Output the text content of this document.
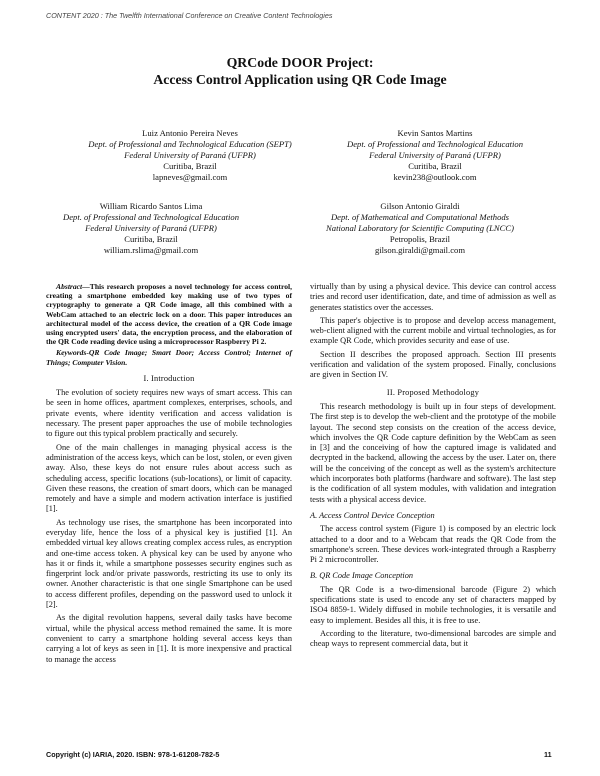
CONTENT 2020 : The Twelfth International Conference on Creative Content Technologies
QRCode DOOR Project:
Access Control Application using QR Code Image
Luiz Antonio Pereira Neves
Dept. of Professional and Technological Education (SEPT)
Federal University of Paraná (UFPR)
Curitiba, Brazil
lapneves@gmail.com
Kevin Santos Martins
Dept. of Professional and Technological Education
Federal University of Paraná (UFPR)
Curitiba, Brazil
kevin238@outlook.com
William Ricardo Santos Lima
Dept. of Professional and Technological Education
Federal University of Paraná (UFPR)
Curitiba, Brazil
william.rslima@gmail.com
Gilson Antonio Giraldi
Dept. of Mathematical and Computational Methods
National Laboratory for Scientific Computing (LNCC)
Petropolis, Brazil
gilson.giraldi@gmail.com

Abstract—This research proposes a novel technology for access control, creating a smartphone embedded key making use of two types of cryptography to generate a QR Code image, all this combined with a WebCam attached to an electric lock on a door. This paper introduces an architectural model of the access device, the creation of a QR Code image using encrypted users' data, the encryption process, and the elaboration of the QR Code reading device using a microprocessor Raspberry Pi 2.

Keywords-QR Code Image; Smart Door; Access Control; Internet of Things; Computer Vision.

I. Introduction

The evolution of society requires new ways of smart access. This can be seen in home offices, apartment complexes, enterprises, schools, and private events, where identity verification and access validation is necessary. The present paper approaches the use of mobile technologies to figure out this typical problem practically and securely.

One of the main challenges in managing physical access is the administration of the access keys, which can be lost, stolen, or even given away. Also, these keys do not ensure rules about access such as scheduling access, specific locations (sub-locations), or limit of capacity. Given these reasons, the creation of smart doors, which can be managed remotely and have a simple and modern activation interface is justified [1].

As technology use rises, the smartphone has been incorporated into everyday life, hence the loss of a physical key is justified [1]. An embedded virtual key allows creating complex access rules, as encryption and one-time access token. A physical key can be used by anyone who has it or finds it, while a smartphone possesses security engines such as fingerprint lock and/or private passwords, restricting its use to only its owner. Another characteristic is that one single Smartphone can be used to access different profiles, depending on the password used to unlock it [2].

As the digital revolution happens, several daily tasks have become virtual, while the physical access method remained the same. It is more convenient to carry a smartphone holding several access keys than carrying a lot of keys as seen in [1]. It is more inexpensive and practical to manage the access

virtually than by using a physical device. This device can control access tries and record user identification, date, and time of admission as well as generates statistics over the accesses.

This paper's objective is to propose and develop access management, web-client aligned with the current mobile and virtual technologies, as for example QR Code, which provides security and ease of use.

Section II describes the proposed approach. Section III presents verification and validation of the system proposed. Finally, conclusions are given in Section IV.

II. Proposed Methodology

This research methodology is built up in four steps of development. The first step is to develop the web-client and the prototype of the mobile layout. The second step consists on the creation of the access device, which involves the QR Code capture definition by the WebCam as seen in [3] and the conceiving of how the captured image is validated and decrypted in the backend, allowing the access by the user. Later on, there will be the conceiving of the concept as well as the system's architecture which incorporates both platforms (hardware and software). The last step is the codification of all system modules, with validation and integration tests with a physical access device.

A. Access Control Device Conception

The access control system (Figure 1) is composed by an electric lock attached to a door and to a Webcam that reads the QR Code from the smartphone's screen. These devices work-integrated through a Raspberry Pi 2 microcontroller.

B. QR Code Image Conception

The QR Code is a two-dimensional barcode (Figure 2) which specifications state is used to encode any set of characters mapped by ISO4 8859-1. Widely diffused in mobile technologies, it is versatile and easy to implement. Besides all this, it is free to use.

According to the literature, two-dimensional barcodes are simple and cheap ways to represent commercial data, but it

Copyright (c) IARIA, 2020. ISBN: 978-1-61208-782-5	11
